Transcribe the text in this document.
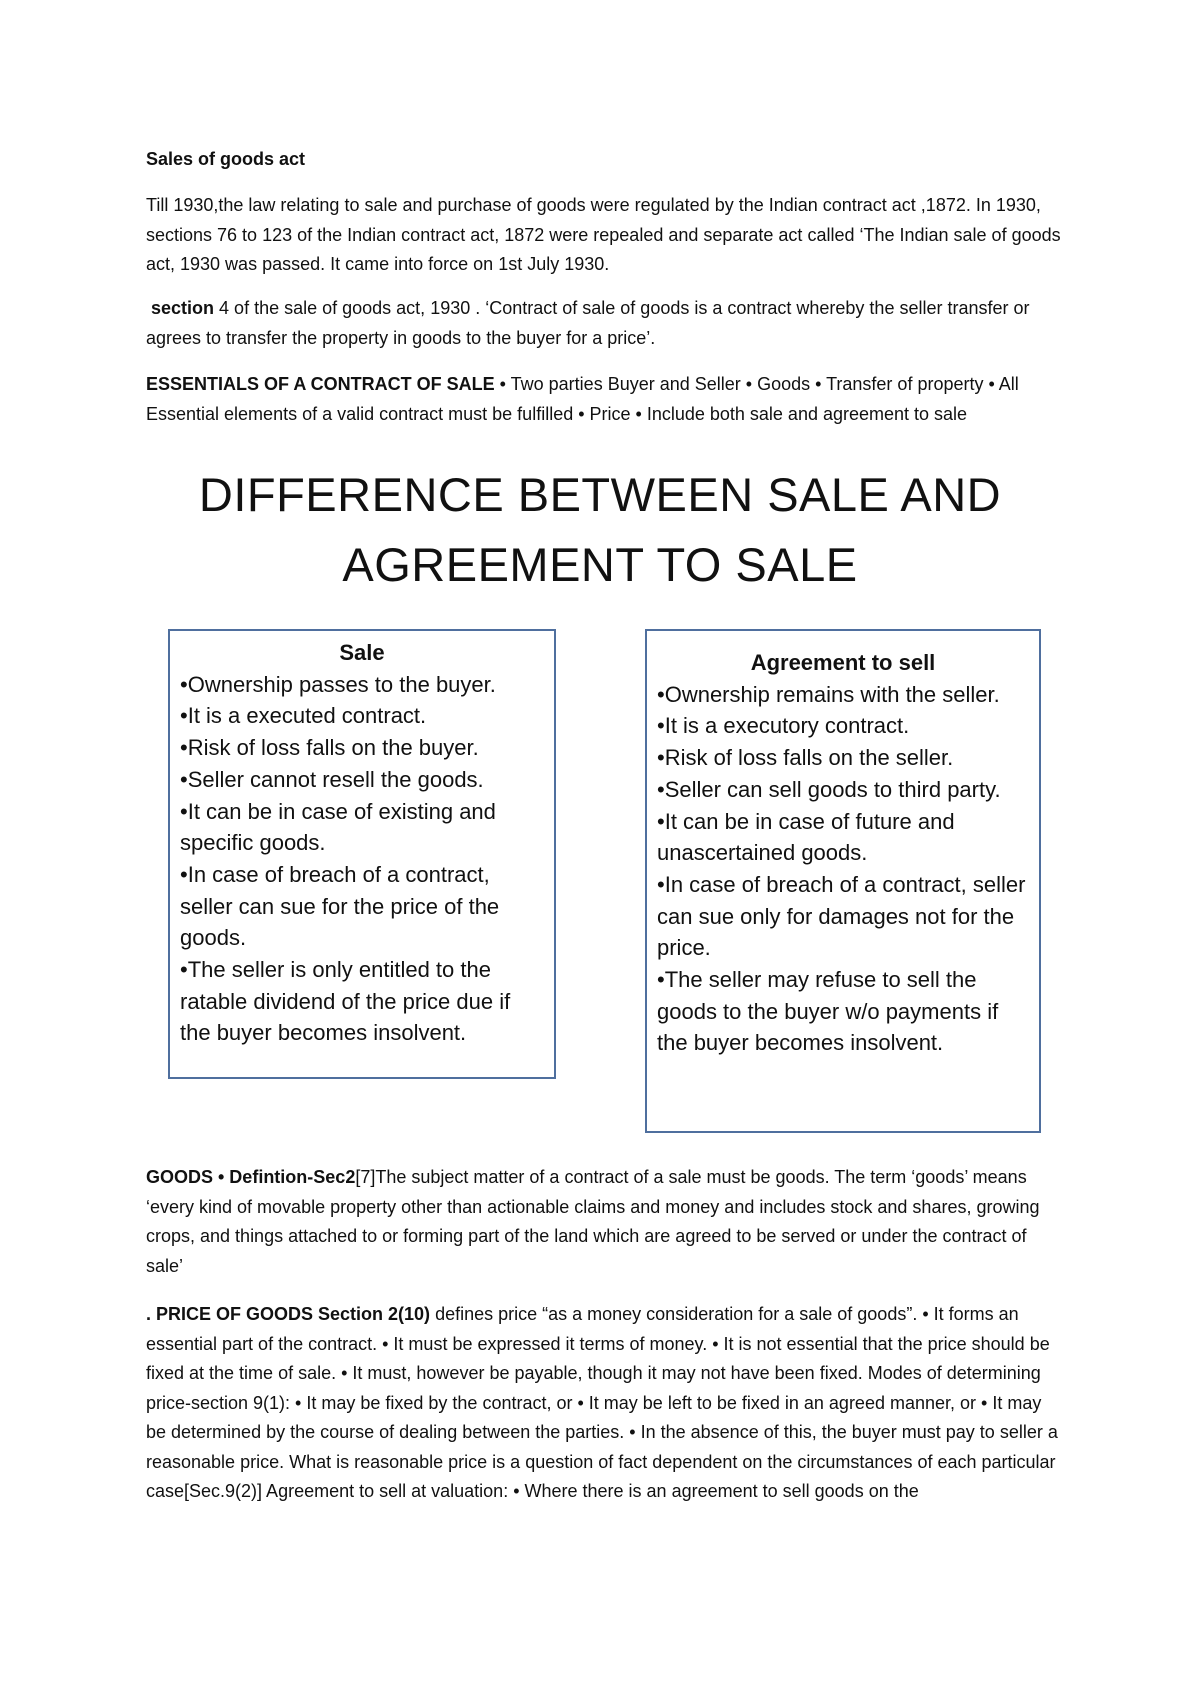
Sales of goods act

Till 1930,the law relating to sale and purchase of goods were regulated by the Indian contract act ,1872. In 1930, sections 76 to 123 of the Indian contract act, 1872 were repealed and separate act called ‘The Indian sale of goods act, 1930 was passed. It came into force on 1st July 1930.

section 4 of the sale of goods act, 1930 . ‘Contract of sale of goods is a contract whereby the seller transfer or agrees to transfer the property in goods to the buyer for a price’.

ESSENTIALS OF A CONTRACT OF SALE • Two parties Buyer and Seller • Goods • Transfer of property • All Essential elements of a valid contract must be fulfilled • Price • Include both sale and agreement to sale

DIFFERENCE BETWEEN SALE AND
AGREEMENT TO SALE
Sale
•Ownership passes to the buyer.
•It is a executed contract.
•Risk of loss falls on the buyer.
•Seller cannot resell the goods.
•It can be in case of existing and specific goods.
•In case of breach of a contract, seller can sue for the price of the goods.
•The seller is only entitled to the ratable dividend of the price due if the buyer becomes insolvent.
Agreement to sell
•Ownership remains with the seller.
•It is a executory contract.
•Risk of loss falls on the seller.
•Seller can sell goods to third party.
•It can be in case of future and unascertained goods.
•In case of breach of a contract, seller can sue only for damages not for the price.
•The seller may refuse to sell the goods to the buyer w/o payments if the buyer becomes insolvent.

GOODS • Defintion-Sec2[7]The subject matter of a contract of a sale must be goods. The term ‘goods’ means ‘every kind of movable property other than actionable claims and money and includes stock and shares, growing crops, and things attached to or forming part of the land which are agreed to be served or under the contract of sale’

. PRICE OF GOODS Section 2(10) defines price “as a money consideration for a sale of goods”. • It forms an essential part of the contract. • It must be expressed it terms of money. • It is not essential that the price should be fixed at the time of sale. • It must, however be payable, though it may not have been fixed. Modes of determining price-section 9(1): • It may be fixed by the contract, or • It may be left to be fixed in an agreed manner, or • It may be determined by the course of dealing between the parties. • In the absence of this, the buyer must pay to seller a reasonable price. What is reasonable price is a question of fact dependent on the circumstances of each particular case[Sec.9(2)] Agreement to sell at valuation: • Where there is an agreement to sell goods on the
